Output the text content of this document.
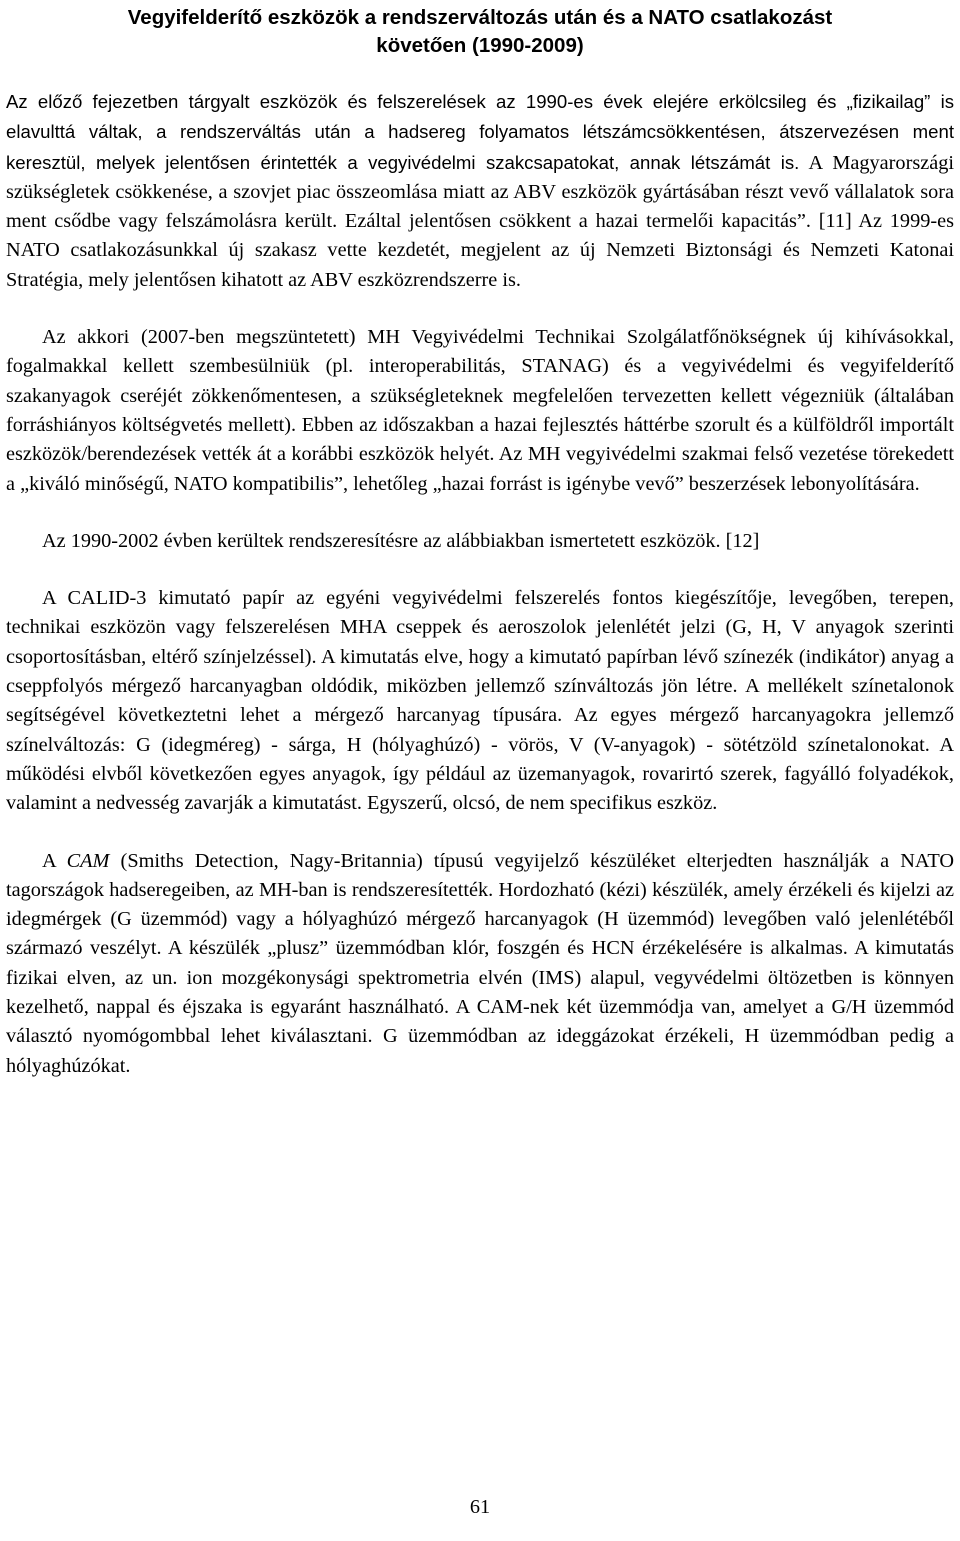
Vegyifelderítő eszközök a rendszerváltozás után és a NATO csatlakozást
követően (1990-2009)

Az előző fejezetben tárgyalt eszközök és felszerelések az 1990-es évek elejére erkölcsileg és „fizikailag” is elavulttá váltak, a rendszerváltás után a hadsereg folyamatos létszámcsökkentésen, átszervezésen ment keresztül, melyek jelentősen érintették a vegyivédelmi szakcsapatokat, annak létszámát is. A Magyarországi szükségletek csökkenése, a szovjet piac összeomlása miatt az ABV eszközök gyártásában részt vevő vállalatok sora ment csődbe vagy felszámolásra került. Ezáltal jelentősen csökkent a hazai termelői kapacitás”. [11] Az 1999-es NATO csatlakozásunkkal új szakasz vette kezdetét, megjelent az új Nemzeti Biztonsági és Nemzeti Katonai Stratégia, mely jelentősen kihatott az ABV eszközrendszerre is.

Az akkori (2007-ben megszüntetett) MH Vegyivédelmi Technikai Szolgálatfőnökségnek új kihívásokkal, fogalmakkal kellett szembesülniük (pl. interoperabilitás, STANAG) és a vegyivédelmi és vegyifelderítő szakanyagok cseréjét zökkenőmentesen, a szükségleteknek megfelelően tervezetten kellett végezniük (általában forráshiányos költségvetés mellett). Ebben az időszakban a hazai fejlesztés háttérbe szorult és a külföldről importált eszközök/berendezések vették át a korábbi eszközök helyét. Az MH vegyivédelmi szakmai felső vezetése törekedett a „kiváló minőségű, NATO kompatibilis”, lehetőleg „hazai forrást is igénybe vevő” beszerzések lebonyolítására.

Az 1990-2002 évben kerültek rendszeresítésre az alábbiakban ismertetett eszközök. [12]

A CALID-3 kimutató papír az egyéni vegyivédelmi felszerelés fontos kiegészítője, levegőben, terepen, technikai eszközön vagy felszerelésen MHA cseppek és aeroszolok jelenlétét jelzi (G, H, V anyagok szerinti csoportosításban, eltérő színjelzéssel). A kimutatás elve, hogy a kimutató papírban lévő színezék (indikátor) anyag a cseppfolyós mérgező harcanyagban oldódik, miközben jellemző színváltozás jön létre. A mellékelt színetalonok segítségével következtetni lehet a mérgező harcanyag típusára. Az egyes mérgező harcanyagokra jellemző színelváltozás: G (idegméreg) - sárga, H (hólyaghúzó) - vörös, V (V-anyagok) - sötétzöld színetalonokat. A működési elvből következően egyes anyagok, így például az üzemanyagok, rovarirtó szerek, fagyálló folyadékok, valamint a nedvesség zavarják a kimutatást. Egyszerű, olcsó, de nem specifikus eszköz.

A CAM (Smiths Detection, Nagy-Britannia) típusú vegyijelző készüléket elterjedten használják a NATO tagországok hadseregeiben, az MH-ban is rendszeresítették. Hordozható (kézi) készülék, amely érzékeli és kijelzi az idegmérgek (G üzemmód) vagy a hólyaghúzó mérgező harcanyagok (H üzemmód) levegőben való jelenlétéből származó veszélyt. A készülék „plusz” üzemmódban klór, foszgén és HCN érzékelésére is alkalmas. A kimutatás fizikai elven, az un. ion mozgékonysági spektrometria elvén (IMS) alapul, vegyvédelmi öltözetben is könnyen kezelhető, nappal és éjszaka is egyaránt használható. A CAM-nek két üzemmódja van, amelyet a G/H üzemmód választó nyomógombbal lehet kiválasztani. G üzemmódban az ideggázokat érzékeli, H üzemmódban pedig a hólyaghúzókat.

61
